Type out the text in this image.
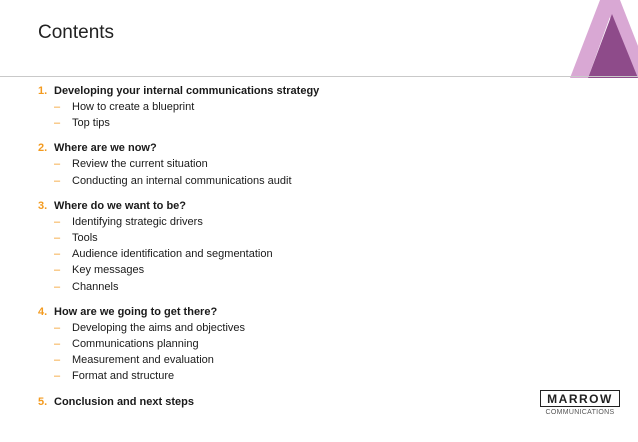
Contents
1. Developing your internal communications strategy
–	How to create a blueprint
–	Top tips
2. Where are we now?
–	Review the current situation
–	Conducting an internal communications audit
3. Where do we want to be?
–	Identifying strategic drivers
–	Tools
–	Audience identification and segmentation
–	Key messages
–	Channels
4. How are we going to get there?
–	Developing the aims and objectives
–	Communications planning
–	Measurement and evaluation
–	Format and structure
5. Conclusion and next steps	MARROW
COMMUNICATIONS
